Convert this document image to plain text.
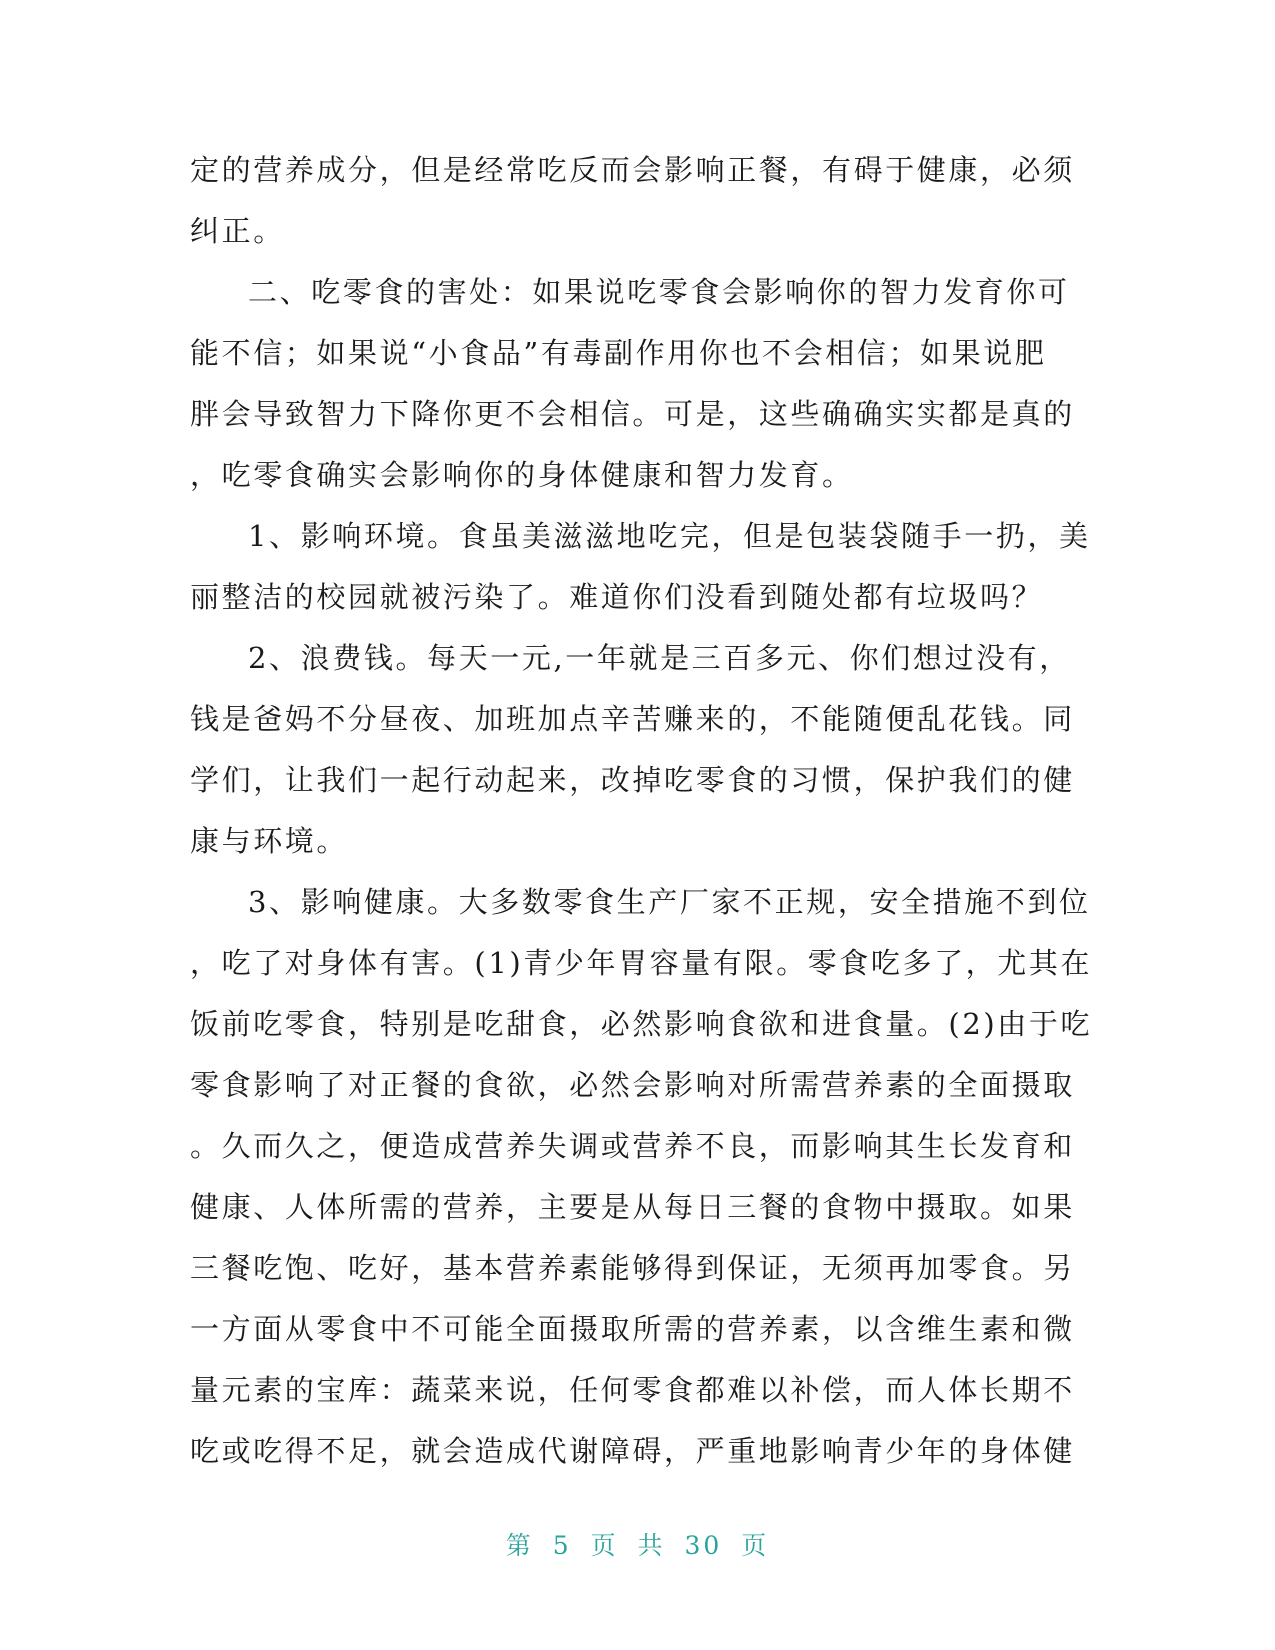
定的营养成分，但是经常吃反而会影响正餐，有碍于健康，必须
纠正。
二、吃零食的害处：如果说吃零食会影响你的智力发育你可
能不信；如果说“小食品”有毒副作用你也不会相信；如果说肥
胖会导致智力下降你更不会相信。可是，这些确确实实都是真的
，吃零食确实会影响你的身体健康和智力发育。
1、影响环境。食虽美滋滋地吃完，但是包装袋随手一扔，美
丽整洁的校园就被污染了。难道你们没看到随处都有垃圾吗？
2、浪费钱。每天一元,一年就是三百多元、你们想过没有，
钱是爸妈不分昼夜、加班加点辛苦赚来的，不能随便乱花钱。同
学们，让我们一起行动起来，改掉吃零食的习惯，保护我们的健
康与环境。
3、影响健康。大多数零食生产厂家不正规，安全措施不到位
，吃了对身体有害。(1)青少年胃容量有限。零食吃多了，尤其在
饭前吃零食，特别是吃甜食，必然影响食欲和进食量。(2)由于吃
零食影响了对正餐的食欲，必然会影响对所需营养素的全面摄取
。久而久之，便造成营养失调或营养不良，而影响其生长发育和
健康、人体所需的营养，主要是从每日三餐的食物中摄取。如果
三餐吃饱、吃好，基本营养素能够得到保证，无须再加零食。另
一方面从零食中不可能全面摄取所需的营养素，以含维生素和微
量元素的宝库：蔬菜来说，任何零食都难以补偿，而人体长期不
吃或吃得不足，就会造成代谢障碍，严重地影响青少年的身体健
第 5 页 共 30 页
